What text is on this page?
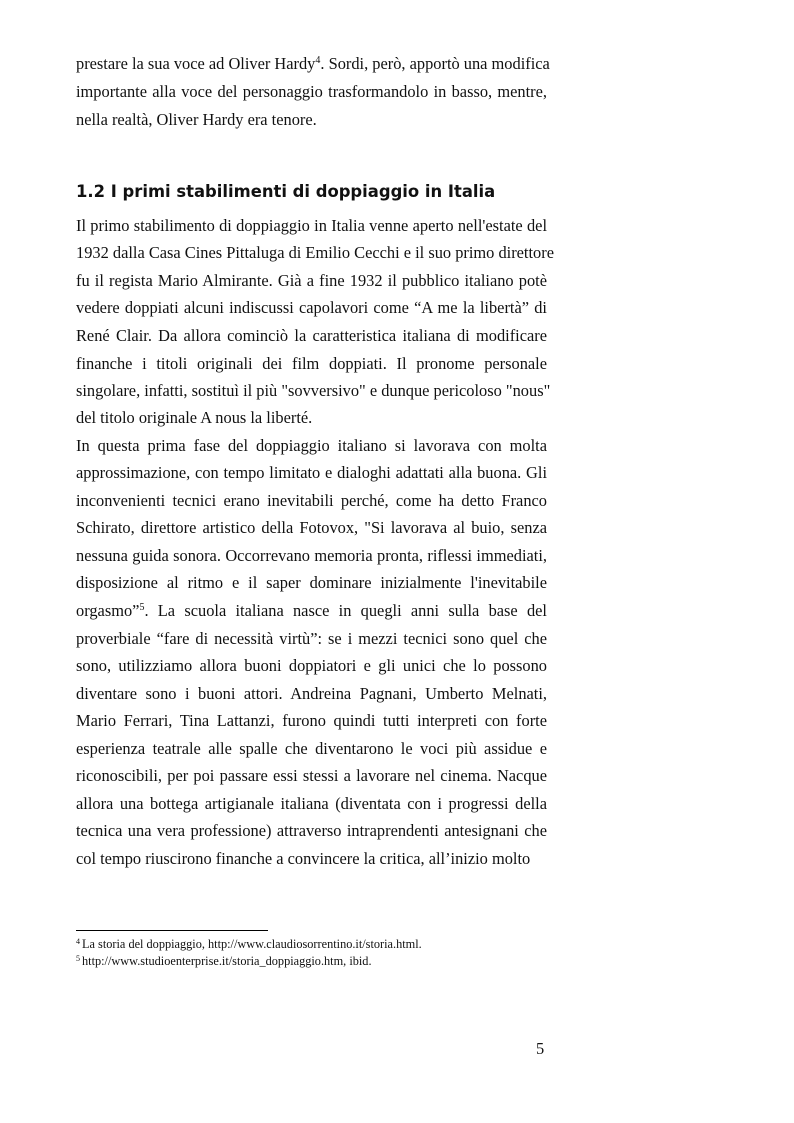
prestare la sua voce ad Oliver Hardy$^4$. Sordi, però, apportò una modifica
importante alla voce del personaggio trasformandolo in basso, mentre,
nella realtà, Oliver Hardy era tenore.
1.2 I primi stabilimenti di doppiaggio in Italia
Il primo stabilimento di doppiaggio in Italia venne aperto nell'estate del
1932 dalla Casa Cines Pittaluga di Emilio Cecchi e il suo primo direttore
fu il regista Mario Almirante. Già a fine 1932 il pubblico italiano potè
vedere doppiati alcuni indiscussi capolavori come “A me la libertà” di
René Clair. Da allora cominciò la caratteristica italiana di modificare
finanche i titoli originali dei film doppiati. Il pronome personale
singolare, infatti, sostituì il più "sovversivo" e dunque pericoloso "nous"
del titolo originale A nous la liberté.
In questa prima fase del doppiaggio italiano si lavorava con molta
approssimazione, con tempo limitato e dialoghi adattati alla buona. Gli
inconvenienti tecnici erano inevitabili perché, come ha detto Franco
Schirato, direttore artistico della Fotovox, "Si lavorava al buio, senza
nessuna guida sonora. Occorrevano memoria pronta, riflessi immediati,
disposizione al ritmo e il saper dominare inizialmente l'inevitabile
orgasmo”$^5$. La scuola italiana nasce in quegli anni sulla base del
proverbiale “fare di necessità virtù”: se i mezzi tecnici sono quel che
sono, utilizziamo allora buoni doppiatori e gli unici che lo possono
diventare sono i buoni attori. Andreina Pagnani, Umberto Melnati,
Mario Ferrari, Tina Lattanzi, furono quindi tutti interpreti con forte
esperienza teatrale alle spalle che diventarono le voci più assidue e
riconoscibili, per poi passare essi stessi a lavorare nel cinema. Nacque
allora una bottega artigianale italiana (diventata con i progressi della
tecnica una vera professione) attraverso intraprendenti antesignani che
col tempo riuscirono finanche a convincere la critica, all’inizio molto
$^4$ La storia del doppiaggio, http://www.claudiosorrentino.it/storia.html.
$^5$ http://www.studioenterprise.it/storia_doppiaggio.htm, ibid.
5
